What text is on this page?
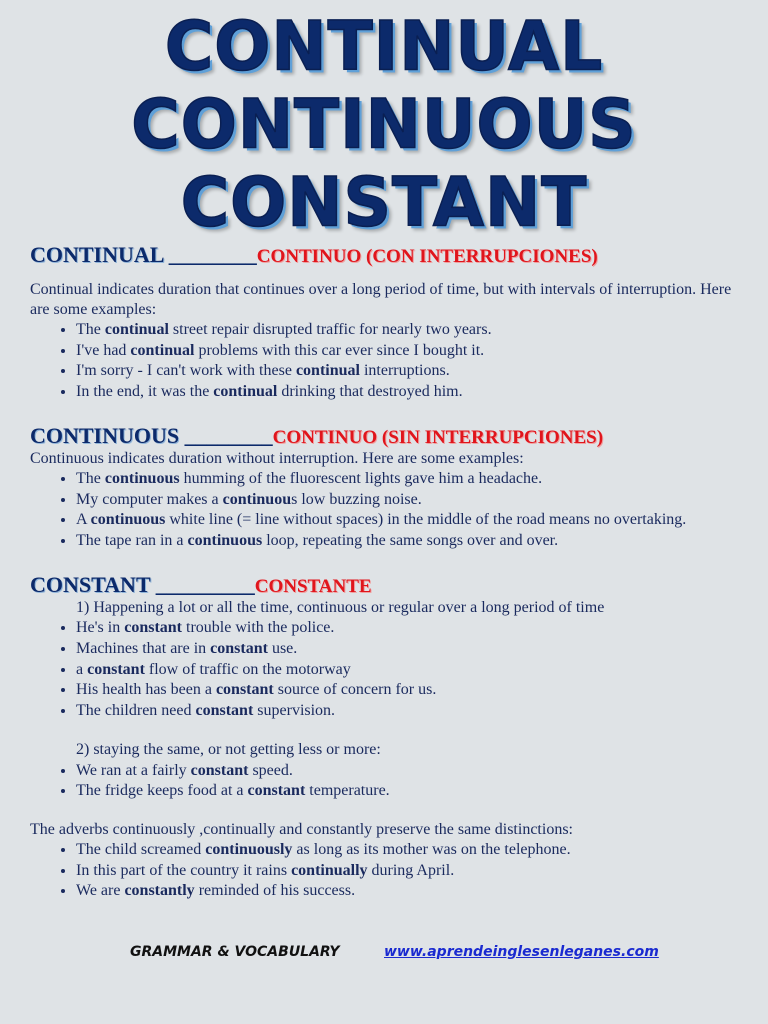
CONTINUAL
CONTINUOUS
CONSTANT
CONTINUAL ________CONTINUO (CON INTERRUPCIONES)

Continual indicates duration that continues over a long period of time, but with intervals of interruption. Here are some examples:

• The continual street repair disrupted traffic for nearly two years.
• I've had continual problems with this car ever since I bought it.
• I'm sorry - I can't work with these continual interruptions.
• In the end, it was the continual drinking that destroyed him.
CONTINUOUS ________CONTINUO (SIN INTERRUPCIONES)

Continuous indicates duration without interruption. Here are some examples:

• The continuous humming of the fluorescent lights gave him a headache.
• My computer makes a continuous low buzzing noise.
• A continuous white line (= line without spaces) in the middle of the road means no overtaking.
• The tape ran in a continuous loop, repeating the same songs over and over.
CONSTANT _________CONSTANTE
1) Happening a lot or all the time, continuous or regular over a long period of time
• He's in constant trouble with the police.
• Machines that are in constant use.
• a constant flow of traffic on the motorway
• His health has been a constant source of concern for us.
• The children need constant supervision.
2) staying the same, or not getting less or more:
• We ran at a fairly constant speed.
• The fridge keeps food at a constant temperature.

The adverbs continuously ,continually and constantly preserve the same distinctions:

• The child screamed continuously as long as its mother was on the telephone.
• In this part of the country it rains continually during April.
• We are constantly reminded of his success.
GRAMMAR & VOCABULARY	www.aprendeinglesenleganes.com
